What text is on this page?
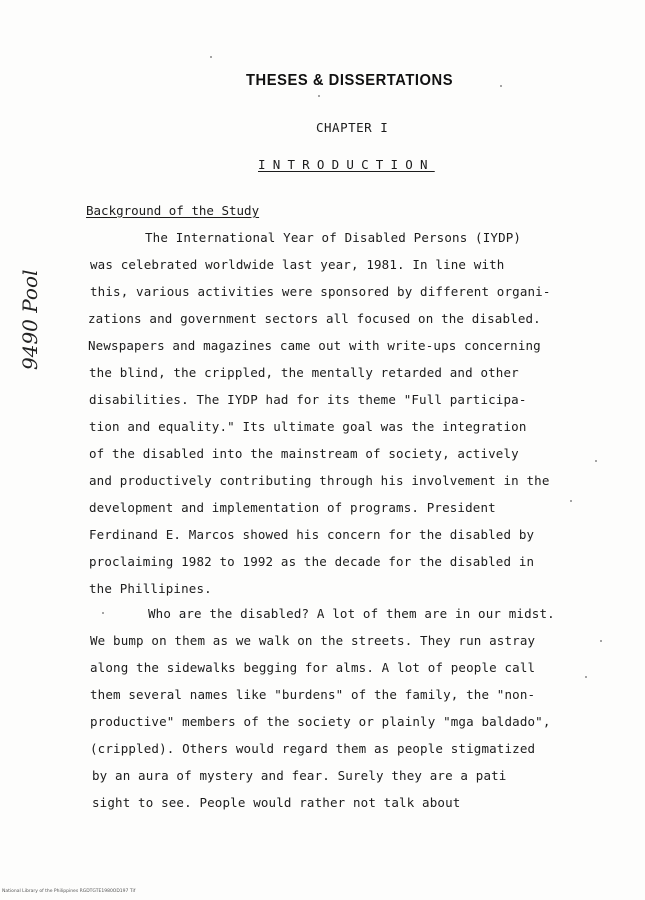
THESES & DISSERTATIONS
CHAPTER I
INTRODUCTION
Background of the Study
The International Year of Disabled Persons (IYDP)
was celebrated worldwide last year, 1981. In line with
this, various activities were sponsored by different organi-
zations and government sectors all focused on the disabled.
Newspapers and magazines came out with write-ups concerning
the blind, the crippled, the mentally retarded and other
disabilities. The IYDP had for its theme "Full participa-
tion and equality." Its ultimate goal was the integration
of the disabled into the mainstream of society, actively
and productively contributing through his involvement in the
development and implementation of programs. President
Ferdinand E. Marcos showed his concern for the disabled by
proclaiming 1982 to 1992 as the decade for the disabled in
the Phillipines.
Who are the disabled? A lot of them are in our midst.
We bump on them as we walk on the streets. They run astray
along the sidewalks begging for alms. A lot of people call
them several names like "burdens" of the family, the "non-
productive" members of the society or plainly "mga baldado",
(crippled). Others would regard them as people stigmatized
by an aura of mystery and fear. Surely they are a pati
sight to see. People would rather not talk about
9490 Pool
National Library of the Philippines RGDTGTE1980OD197 Tif
